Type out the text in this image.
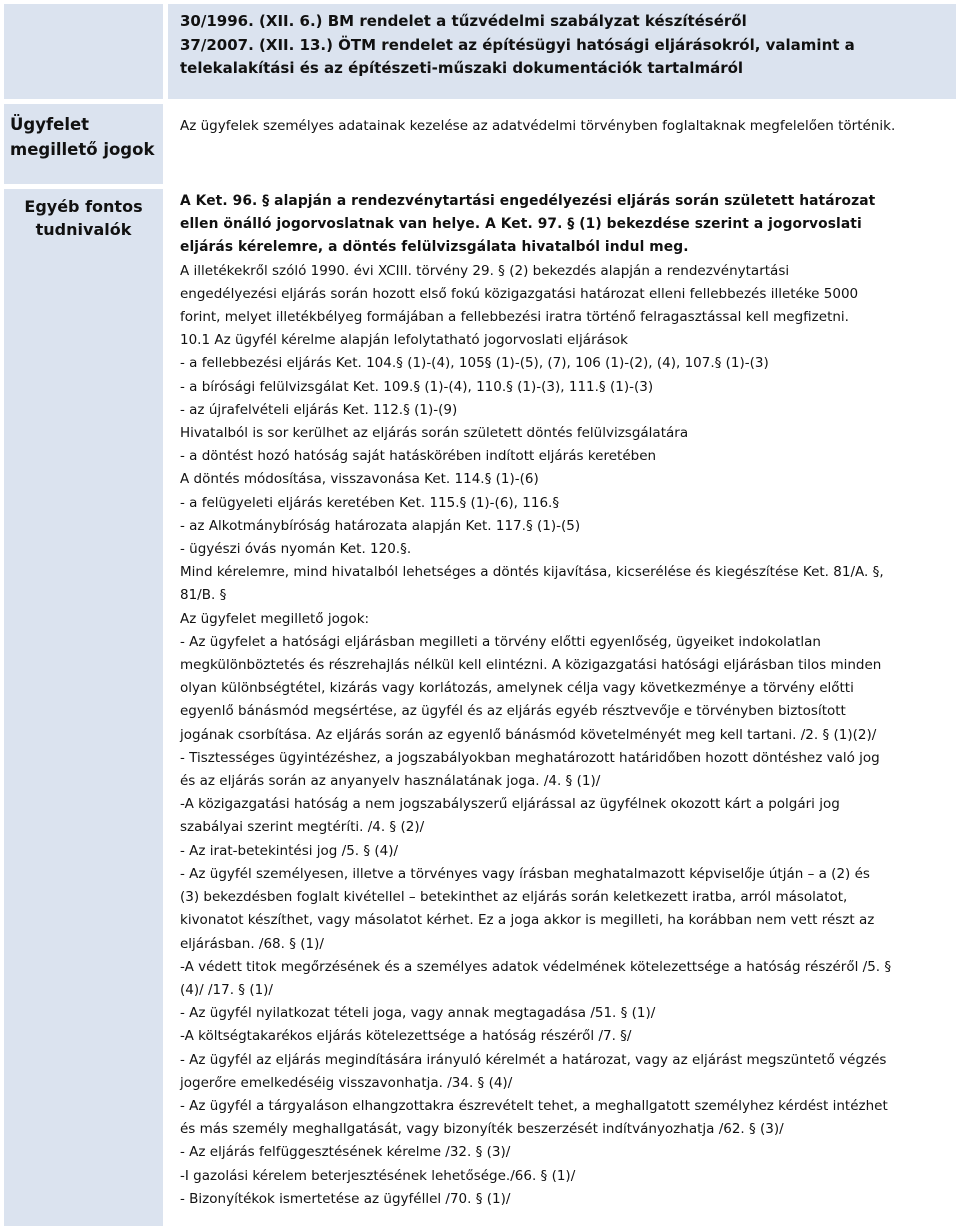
30/1996. (XII. 6.) BM rendelet a tűzvédelmi szabályzat készítéséről
37/2007. (XII. 13.) ÖTM rendelet az építésügyi hatósági eljárásokról, valamint a
telekalakítási és az építészeti-műszaki dokumentációk tartalmáról
Ügyfelet megillető jogok
Az ügyfelek személyes adatainak kezelése az adatvédelmi törvényben foglaltaknak megfelelően történik.
Egyéb fontos tudnivalók
A Ket. 96. § alapján a rendezvénytartási engedélyezési eljárás során született határozat
ellen önálló jogorvoslatnak van helye. A Ket. 97. § (1) bekezdése szerint a jogorvoslati
eljárás kérelemre, a döntés felülvizsgálata hivatalból indul meg.
A illetékekről szóló 1990. évi XCIII. törvény 29. § (2) bekezdés alapján a rendezvénytartási
engedélyezési eljárás során hozott első fokú közigazgatási határozat elleni fellebbezés illetéke 5000
forint, melyet illetékbélyeg formájában a fellebbezési iratra történő felragasztással kell megfizetni.
10.1 Az ügyfél kérelme alapján lefolytatható jogorvoslati eljárások
- a fellebbezési eljárás Ket. 104.§ (1)-(4), 105§ (1)-(5), (7), 106 (1)-(2), (4), 107.§ (1)-(3)
- a bírósági felülvizsgálat Ket. 109.§ (1)-(4), 110.§ (1)-(3), 111.§ (1)-(3)
- az újrafelvételi eljárás Ket. 112.§ (1)-(9)
Hivatalból is sor kerülhet az eljárás során született döntés felülvizsgálatára
- a döntést hozó hatóság saját hatáskörében indított eljárás keretében
A döntés módosítása, visszavonása Ket. 114.§ (1)-(6)
- a felügyeleti eljárás keretében Ket. 115.§ (1)-(6), 116.§
- az Alkotmánybíróság határozata alapján Ket. 117.§ (1)-(5)
- ügyészi óvás nyomán Ket. 120.§.
Mind kérelemre, mind hivatalból lehetséges a döntés kijavítása, kicserélése és kiegészítése Ket. 81/A. §,
81/B. §
Az ügyfelet megillető jogok:
- Az ügyfelet a hatósági eljárásban megilleti a törvény előtti egyenlőség, ügyeiket indokolatlan
megkülönböztetés és részrehajlás nélkül kell elintézni. A közigazgatási hatósági eljárásban tilos minden
olyan különbségtétel, kizárás vagy korlátozás, amelynek célja vagy következménye a törvény előtti
egyenlő bánásmód megsértése, az ügyfél és az eljárás egyéb résztvevője e törvényben biztosított
jogának csorbítása. Az eljárás során az egyenlő bánásmód követelményét meg kell tartani. /2. § (1)(2)/
- Tisztességes ügyintézéshez, a jogszabályokban meghatározott határidőben hozott döntéshez való jog
és az eljárás során az anyanyelv használatának joga. /4. § (1)/
-A közigazgatási hatóság a nem jogszabályszerű eljárással az ügyfélnek okozott kárt a polgári jog
szabályai szerint megtéríti. /4. § (2)/
- Az irat-betekintési jog /5. § (4)/
- Az ügyfél személyesen, illetve a törvényes vagy írásban meghatalmazott képviselője útján – a (2) és
(3) bekezdésben foglalt kivétellel – betekinthet az eljárás során keletkezett iratba, arról másolatot,
kivonatot készíthet, vagy másolatot kérhet. Ez a joga akkor is megilleti, ha korábban nem vett részt az
eljárásban. /68. § (1)/
-A védett titok megőrzésének és a személyes adatok védelmének kötelezettsége a hatóság részéről /5. §
(4)/ /17. § (1)/
- Az ügyfél nyilatkozat tételi joga, vagy annak megtagadása /51. § (1)/
-A költségtakarékos eljárás kötelezettsége a hatóság részéről /7. §/
- Az ügyfél az eljárás megindítására irányuló kérelmét a határozat, vagy az eljárást megszüntető végzés
jogerőre emelkedéséig visszavonhatja. /34. § (4)/
- Az ügyfél a tárgyaláson elhangzottakra észrevételt tehet, a meghallgatott személyhez kérdést intézhet
és más személy meghallgatását, vagy bizonyíték beszerzését indítványozhatja /62. § (3)/
- Az eljárás felfüggesztésének kérelme /32. § (3)/
-I gazolási kérelem beterjesztésének lehetősége./66. § (1)/
- Bizonyítékok ismertetése az ügyféllel /70. § (1)/
